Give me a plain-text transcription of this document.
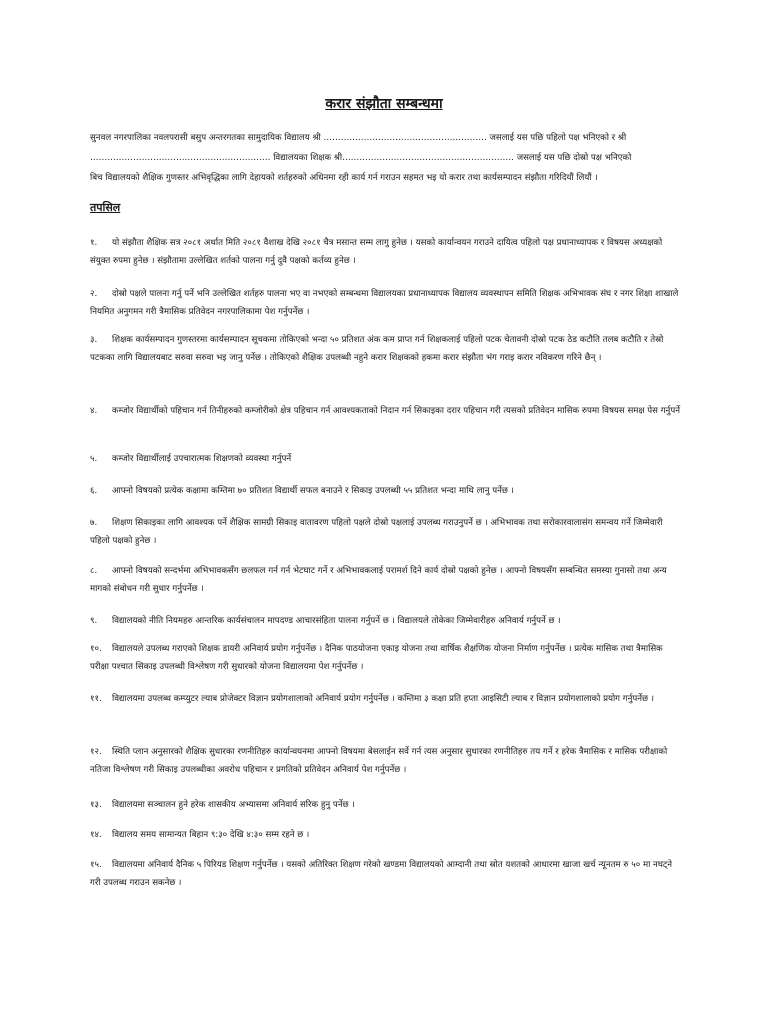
करार संझौता सम्बन्धमा

सुनवल नगरपालिका नवलपरासी बसुप अन्तरगतका सामुदायिक विद्यालय श्री ………………………………………………… जसलाई यस पछि पहिलो पक्ष भनिएको र श्री

……………………………………………………… विद्यालयका शिक्षक श्री…………………………………………………… जसलाई यस पछि दोस्रो पक्ष भनिएको

बिच विद्यालयको शैक्षिक गुणस्तर अभिवृद्धिका लागि देहायको शर्तहरुको अधिनमा रही कार्य गर्न गराउन सहमत भइ यो करार तथा कार्यसम्पादन संझौता गरिदियौं लियौं ।

तपसिल
१. यो संझौता शैक्षिक सत्र २०८१ अर्थात मिति २०८१ वैशाख देखि २०८१ चैत्र मसान्त सम्म लागु हुनेछ । यसको कार्यान्वयन गराउने दायित्व पहिलो पक्ष प्रधानाध्यापक र विषयस अध्यक्षको संयुक्त रुपमा हुनेछ । संझौतामा उल्लेखित शर्तको पालना गर्नु दुवै पक्षको कर्तव्य हुनेछ ।
२. दोस्रो पक्षले पालना गर्नु पर्ने भनि उल्लेखित शर्तहरु पालना भए वा नभएको सम्बन्धमा विद्यालयका प्रधानाध्यापक विद्यालय व्यवस्थापन समिति शिक्षक अभिभावक संघ र नगर शिक्षा शाखाले नियमित अनुगमन गरी त्रैमासिक प्रतिवेदन नगरपालिकामा पेश गर्नुपर्नेछ ।
३. शिक्षक कार्यसम्पादन गुणस्तरमा कार्यसम्पादन सूचकमा तोकिएको भन्दा ५० प्रतिशत अंक कम प्राप्त गर्न शिक्षकलाई पहिलो पटक चेतावनी दोस्रो पटक ठेड कटौति तलब कटौति र तेस्रो पटकका लागि विद्यालयबाट सरुवा सरुवा भइ जानु पर्नेछ । तोकिएको शैक्षिक उपलब्धी नहुने करार शिक्षकको हकमा करार संझौता भंग गराइ करार नविकरण गरिने छैन् ।
४. कम्जोर विद्यार्थीको पहिचान गर्न तिनीहरुको कम्जोरीको क्षेत्र पहिचान गर्न आवश्यकताको निदान गर्न सिकाइका दरार पहिचान गरी त्यसको प्रतिवेदन मासिक रुपमा विषयस समक्ष पेस गर्नुपर्ने
५. कम्जोर विद्यार्थीलाई उपचारात्मक शिक्षणको व्यवस्था गर्नुपर्ने
६. आफ्नो विषयको प्रत्येक कक्षामा कम्तिमा ७० प्रतिशत विद्यार्थी सफल बनाउने र सिकाइ उपलब्धी ५५ प्रतिशत भन्दा माथि लानु पर्नेछ ।
७. शिक्षण सिकाइका लागि आवश्यक पर्ने शैक्षिक सामग्री सिकाइ वातावरण पहिलो पक्षले दोस्रो पक्षलाई उपलब्ध गराउनुपर्ने छ । अभिभावक तथा सरोकारवालासंग समन्वय गर्ने जिम्मेवारी पहिलो पक्षको हुनेछ ।
८. आफ्नो विषयको सन्दर्भमा अभिभावकसँग छलफल गर्न गर्न भेटघाट गर्ने र अभिभावकलाई परामर्श दिने कार्य दोस्रो पक्षको हुनेछ । आफ्नो विषयसँग सम्बन्धित समस्या गुनासो तथा अन्य मागको संबोधन गरी सुधार गर्नुपर्नेछ ।
९. विद्यालयको नीति नियमहरु आन्तरिक कार्यसंचालन मापदण्ड आचारसंहिता पालना गर्नुपर्ने छ । विद्यालयले तोकेका जिम्मेवारीहरु अनिवार्य गर्नुपर्ने छ ।
१०. विद्यालयले उपलब्ध गराएको शिक्षक डायरी अनिवार्य प्रयोग गर्नुपर्नेछ । दैनिक पाठयोजना एकाइ योजना तथा वार्षिक शैक्षणिक योजना निर्माण गर्नुपर्नेछ । प्रत्येक मासिक तथा त्रैमासिक परीक्षा पश्चात सिकाइ उपलब्धी विश्लेषण गरी सुधारको योजना विद्यालयमा पेश गर्नुपर्नेछ ।
११. विद्यालयमा उपलब्ध कम्प्युटर ल्याब प्रोजेक्टर विज्ञान प्रयोगशालाको अनिवार्य प्रयोग गर्नुपर्नेछ । कम्तिमा ३ कक्षा प्रति हप्ता आइसिटी ल्याब र विज्ञान प्रयोगशालाको प्रयोग गर्नुपर्नेछ ।
१२. स्थिति प्लान अनुसारको शैक्षिक सुधारका रणनीतिहरु कार्यान्वयनमा आफ्नो विषयमा बेसलाईन सर्वे गर्न त्यस अनुसार सुधारका रणनीतिहरु तय गर्ने र हरेक त्रैमासिक र मासिक परीक्षाको नतिजा विश्लेषण गरी सिकाइ उपलब्धीका अवरोध पहिचान र प्रगतिको प्रतिवेदन अनिवार्य पेश गर्नुपर्नेछ ।
१३. विद्यालयमा सञ्चालन हुने हरेक शासकीय अभ्यासमा अनिवार्य सरिक हुनु पर्नेछ ।
१४. विद्यालय समय सामान्यत बिहान ९:३० देखि ४:३० सम्म रहने छ ।
१५. विद्यालयमा अनिवार्य दैनिक ५ पिरियड शिक्षण गर्नुपर्नेछ । यसको अतिरिक्त शिक्षण गरेको खण्डमा विद्यालयको आम्दानी तथा स्रोत यशतको आधारमा खाजा खर्च न्यूनतम रु ५० मा नघट्ने गरी उपलब्ध गराउन सकनेछ ।
